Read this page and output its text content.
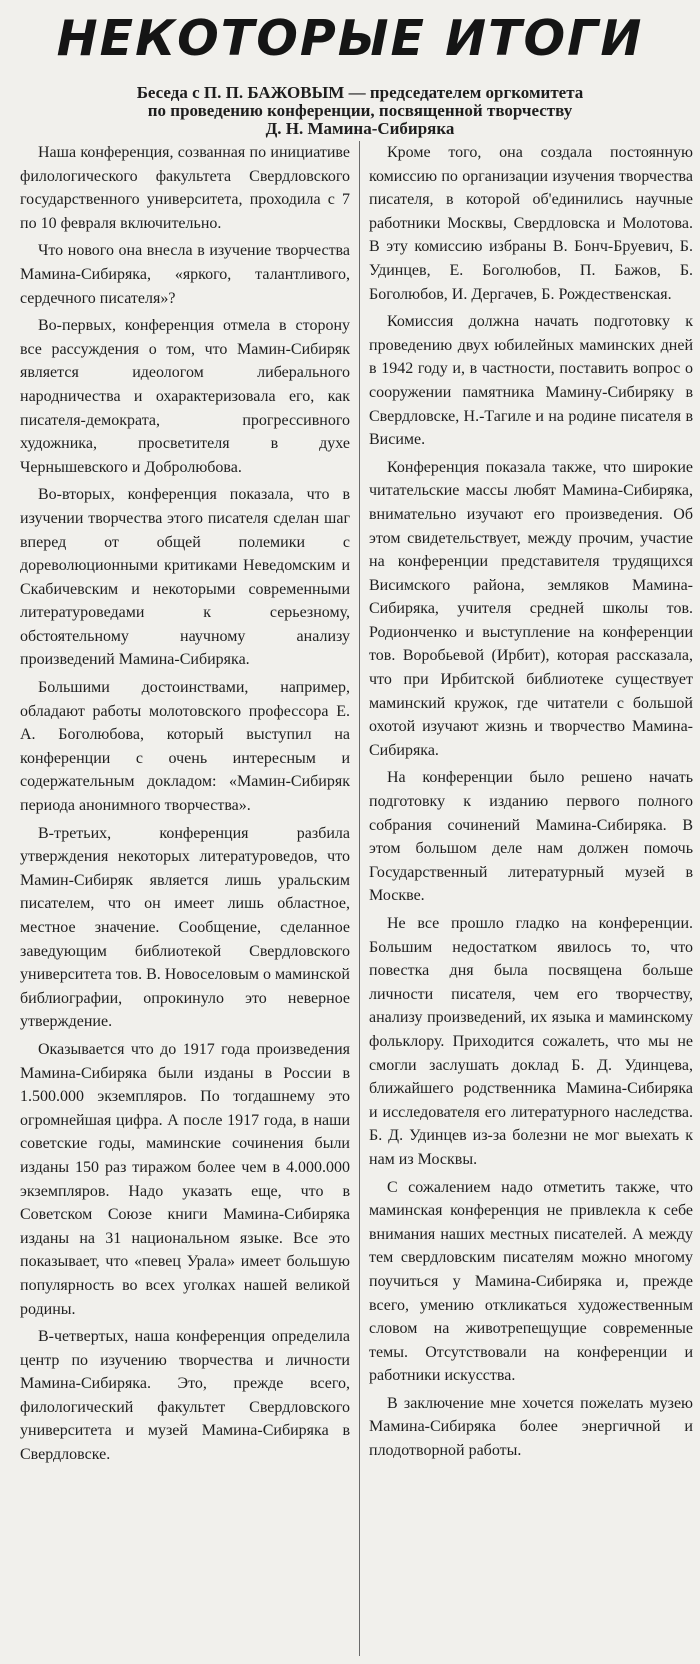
НЕКОТОРЫЕ ИТОГИ
Беседа с П. П. БАЖОВЫМ — председателем оргкомитета
по проведению конференции, посвященной творчеству
Д. Н. Мамина-Сибиряка

Наша конференция, созванная по инициативе филологического факультета Свердловского государственного университета, проходила с 7 по 10 февраля включительно.

Что нового она внесла в изучение творчества Мамина-Сибиряка, «яркого, талантливого, сердечного писателя»?

Во-первых, конференция отмела в сторону все рассуждения о том, что Мамин-Сибиряк является идеологом либерального народничества и охарактеризовала его, как писателя-демократа, прогрессивного художника, просветителя в духе Чернышевского и Добролюбова.

Во-вторых, конференция показала, что в изучении творчества этого писателя сделан шаг вперед от общей полемики с дореволюционными критиками Неведомским и Скабичевским и некоторыми современными литературоведами к серьезному, обстоятельному научному анализу произведений Мамина-Сибиряка.

Большими достоинствами, например, обладают работы молотовского профессора Е. А. Боголюбова, который выступил на конференции с очень интересным и содержательным докладом: «Мамин-Сибиряк периода анонимного творчества».

В-третьих, конференция разбила утверждения некоторых литературоведов, что Мамин-Сибиряк является лишь уральским писателем, что он имеет лишь областное, местное значение. Сообщение, сделанное заведующим библиотекой Свердловского университета тов. В. Новоселовым о маминской библиографии, опрокинуло это неверное утверждение.

Оказывается что до 1917 года произведения Мамина-Сибиряка были изданы в России в 1.500.000 экземпляров. По тогдашнему это огромнейшая цифра. А после 1917 года, в наши советские годы, маминские сочинения были изданы 150 раз тиражом более чем в 4.000.000 экземпляров. Надо указать еще, что в Советском Союзе книги Мамина-Сибиряка изданы на 31 национальном языке. Все это показывает, что «певец Урала» имеет большую популярность во всех уголках нашей великой родины.

В-четвертых, наша конференция определила центр по изучению творчества и личности Мамина-Сибиряка. Это, прежде всего, филологический факультет Свердловского университета и музей Мамина-Сибиряка в Свердловске.

Кроме того, она создала постоянную комиссию по организации изучения творчества писателя, в которой об'единились научные работники Москвы, Свердловска и Молотова. В эту комиссию избраны В. Бонч-Бруевич, Б. Удинцев, Е. Боголюбов, П. Бажов, Б. Боголюбов, И. Дергачев, Б. Рождественская.

Комиссия должна начать подготовку к проведению двух юбилейных маминских дней в 1942 году и, в частности, поставить вопрос о сооружении памятника Мамину-Сибиряку в Свердловске, Н.-Тагиле и на родине писателя в Висиме.

Конференция показала также, что широкие читательские массы любят Мамина-Сибиряка, внимательно изучают его произведения. Об этом свидетельствует, между прочим, участие на конференции представителя трудящихся Висимского района, земляков Мамина-Сибиряка, учителя средней школы тов. Родионченко и выступление на конференции тов. Воробьевой (Ирбит), которая рассказала, что при Ирбитской библиотеке существует маминский кружок, где читатели с большой охотой изучают жизнь и творчество Мамина-Сибиряка.

На конференции было решено начать подготовку к изданию первого полного собрания сочинений Мамина-Сибиряка. В этом большом деле нам должен помочь Государственный литературный музей в Москве.

Не все прошло гладко на конференции. Большим недостатком явилось то, что повестка дня была посвящена больше личности писателя, чем его творчеству, анализу произведений, их языка и маминскому фольклору. Приходится сожалеть, что мы не смогли заслушать доклад Б. Д. Удинцева, ближайшего родственника Мамина-Сибиряка и исследователя его литературного наследства. Б. Д. Удинцев из-за болезни не мог выехать к нам из Москвы.

С сожалением надо отметить также, что маминская конференция не привлекла к себе внимания наших местных писателей. А между тем свердловским писателям можно многому поучиться у Мамина-Сибиряка и, прежде всего, умению откликаться художественным словом на животрепещущие современные темы. Отсутствовали на конференции и работники искусства.

В заключение мне хочется пожелать музею Мамина-Сибиряка более энергичной и плодотворной работы.
